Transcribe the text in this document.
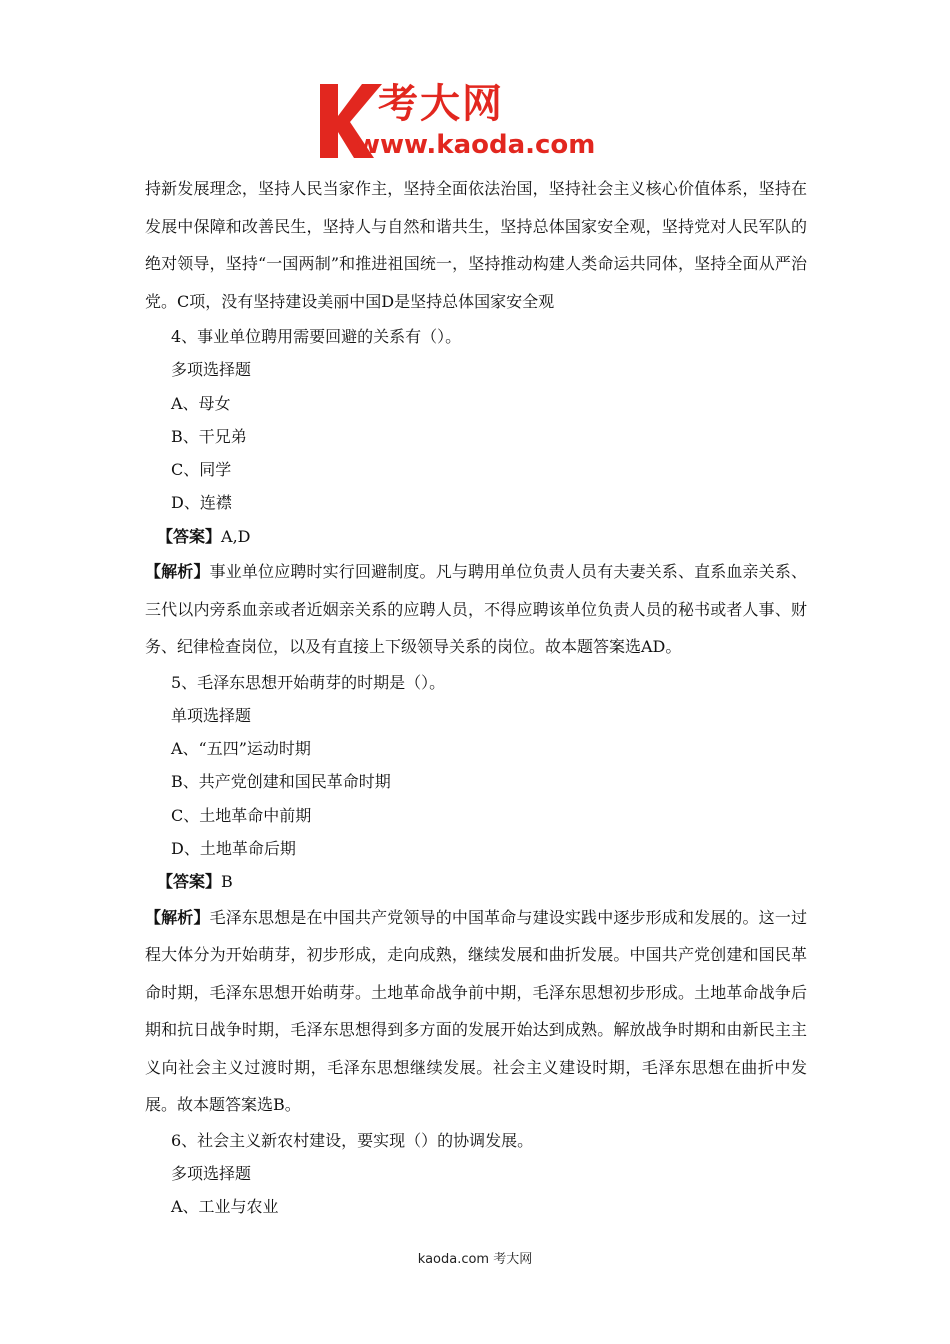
考大网
www.kaoda.com

持新发展理念，坚持人民当家作主，坚持全面依法治国，坚持社会主义核心价值体系，坚持在发展中保障和改善民生，坚持人与自然和谐共生，坚持总体国家安全观，坚持党对人民军队的绝对领导，坚持“一国两制”和推进祖国统一，坚持推动构建人类命运共同体，坚持全面从严治党。C项，没有坚持建设美丽中国D是坚持总体国家安全观

4、事业单位聘用需要回避的关系有（）。

多项选择题

A、母女

B、干兄弟

C、同学

D、连襟

【答案】A,D

【解析】事业单位应聘时实行回避制度。凡与聘用单位负责人员有夫妻关系、直系血亲关系、三代以内旁系血亲或者近姻亲关系的应聘人员，不得应聘该单位负责人员的秘书或者人事、财务、纪律检查岗位，以及有直接上下级领导关系的岗位。故本题答案选AD。

5、毛泽东思想开始萌芽的时期是（）。

单项选择题

A、“五四”运动时期

B、共产党创建和国民革命时期

C、土地革命中前期

D、土地革命后期

【答案】B

【解析】毛泽东思想是在中国共产党领导的中国革命与建设实践中逐步形成和发展的。这一过程大体分为开始萌芽，初步形成，走向成熟，继续发展和曲折发展。中国共产党创建和国民革命时期，毛泽东思想开始萌芽。土地革命战争前中期，毛泽东思想初步形成。土地革命战争后期和抗日战争时期，毛泽东思想得到多方面的发展开始达到成熟。解放战争时期和由新民主主义向社会主义过渡时期，毛泽东思想继续发展。社会主义建设时期，毛泽东思想在曲折中发展。故本题答案选B。

6、社会主义新农村建设，要实现（）的协调发展。

多项选择题

A、工业与农业

kaoda.com 考大网
